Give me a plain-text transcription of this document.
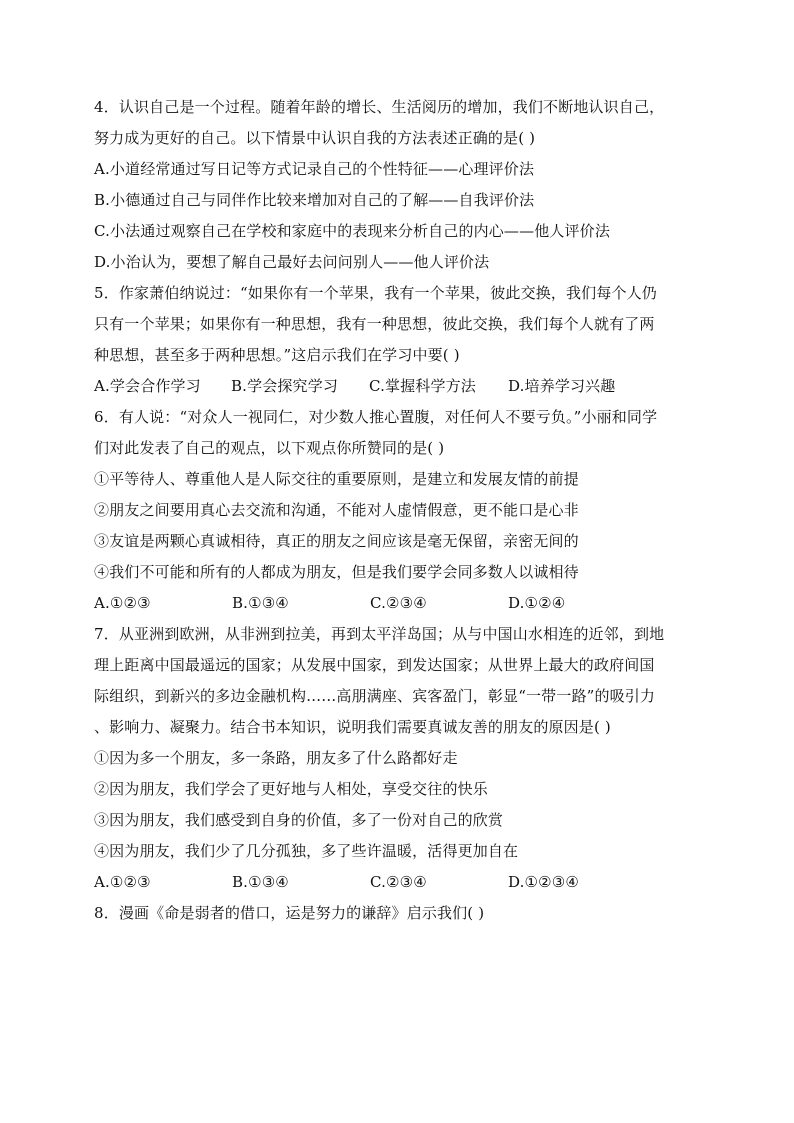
4．认识自己是一个过程。随着年龄的增长、生活阅历的增加，我们不断地认识自己，
努力成为更好的自己。以下情景中认识自我的方法表述正确的是( )
A.小道经常通过写日记等方式记录自己的个性特征——心理评价法
B.小德通过自己与同伴作比较来增加对自己的了解——自我评价法
C.小法通过观察自己在学校和家庭中的表现来分析自己的内心——他人评价法
D.小治认为，要想了解自己最好去问问别人——他人评价法
5．作家萧伯纳说过：“如果你有一个苹果，我有一个苹果，彼此交换，我们每个人仍
只有一个苹果；如果你有一种思想，我有一种思想，彼此交换，我们每个人就有了两
种思想，甚至多于两种思想。”这启示我们在学习中要( )
A.学会合作学习	B.学会探究学习	C.掌握科学方法	D.培养学习兴趣
6．有人说：“对众人一视同仁，对少数人推心置腹，对任何人不要亏负。”小丽和同学
们对此发表了自己的观点，以下观点你所赞同的是( )
①平等待人、尊重他人是人际交往的重要原则，是建立和发展友情的前提
②朋友之间要用真心去交流和沟通，不能对人虚情假意，更不能口是心非
③友谊是两颗心真诚相待，真正的朋友之间应该是毫无保留，亲密无间的
④我们不可能和所有的人都成为朋友，但是我们要学会同多数人以诚相待
A.①②③	B.①③④	C.②③④	D.①②④
7．从亚洲到欧洲，从非洲到拉美，再到太平洋岛国；从与中国山水相连的近邻，到地
理上距离中国最遥远的国家；从发展中国家，到发达国家；从世界上最大的政府间国
际组织，到新兴的多边金融机构……高朋满座、宾客盈门，彰显“一带一路”的吸引力
、影响力、凝聚力。结合书本知识，说明我们需要真诚友善的朋友的原因是( )
①因为多一个朋友，多一条路，朋友多了什么路都好走
②因为朋友，我们学会了更好地与人相处，享受交往的快乐
③因为朋友，我们感受到自身的价值，多了一份对自己的欣赏
④因为朋友，我们少了几分孤独，多了些许温暖，活得更加自在
A.①②③	B.①③④	C.②③④	D.①②③④
8．漫画《命是弱者的借口，运是努力的谦辞》启示我们( )
